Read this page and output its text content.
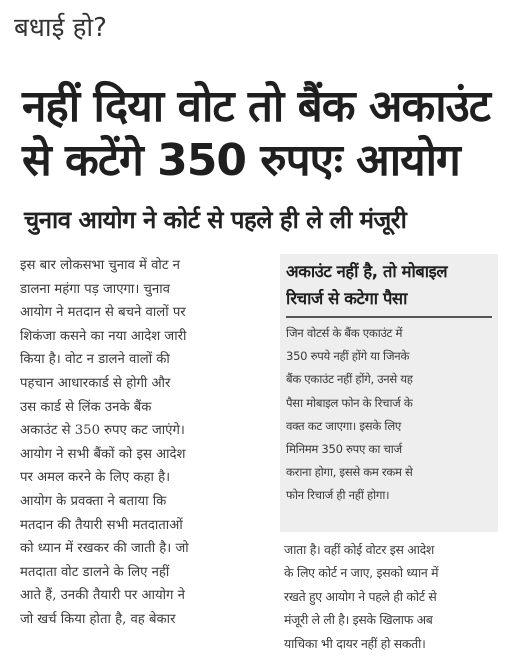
बधाई हो?
नहीं दिया वोट तो बैंक अकाउंट
से कटेंगे 350 रुपएः आयोग
चुनाव आयोग ने कोर्ट से पहले ही ले ली मंजूरी
इस बार लोकसभा चुनाव में वोट न
डालना महंगा पड़ जाएगा। चुनाव
आयोग ने मतदान से बचने वालों पर
शिकंजा कसने का नया आदेश जारी
किया है। वोट न डालने वालों की
पहचान आधारकार्ड से होगी और
उस कार्ड से लिंक उनके बैंक
अकाउंट से 350 रुपए कट जाएंगे।
आयोग ने सभी बैंकों को इस आदेश
पर अमल करने के लिए कहा है।
आयोग के प्रवक्ता ने बताया कि
मतदान की तैयारी सभी मतदाताओं
को ध्यान में रखकर की जाती है। जो
मतदाता वोट डालने के लिए नहीं
आते हैं, उनकी तैयारी पर आयोग ने
जो खर्च किया होता है, वह बेकार
अकाउंट नहीं है, तो मोबाइल
रिचार्ज से कटेगा पैसा
जिन वोटर्स के बैंक एकाउंट में
350 रुपये नहीं होंगे या जिनके
बैंक एकाउंट नहीं होंगे, उनसे यह
पैसा मोबाइल फोन के रिचार्ज के
वक्त कट जाएगा। इसके लिए
मिनिमम 350 रुपए का चार्ज
कराना होगा, इससे कम रकम से
फोन रिचार्ज ही नहीं होगा।
जाता है। वहीं कोई वोटर इस आदेश
के लिए कोर्ट न जाए, इसको ध्यान में
रखते हुए आयोग ने पहले ही कोर्ट से
मंजूरी ले ली है। इसके खिलाफ अब
याचिका भी दायर नहीं हो सकती।
